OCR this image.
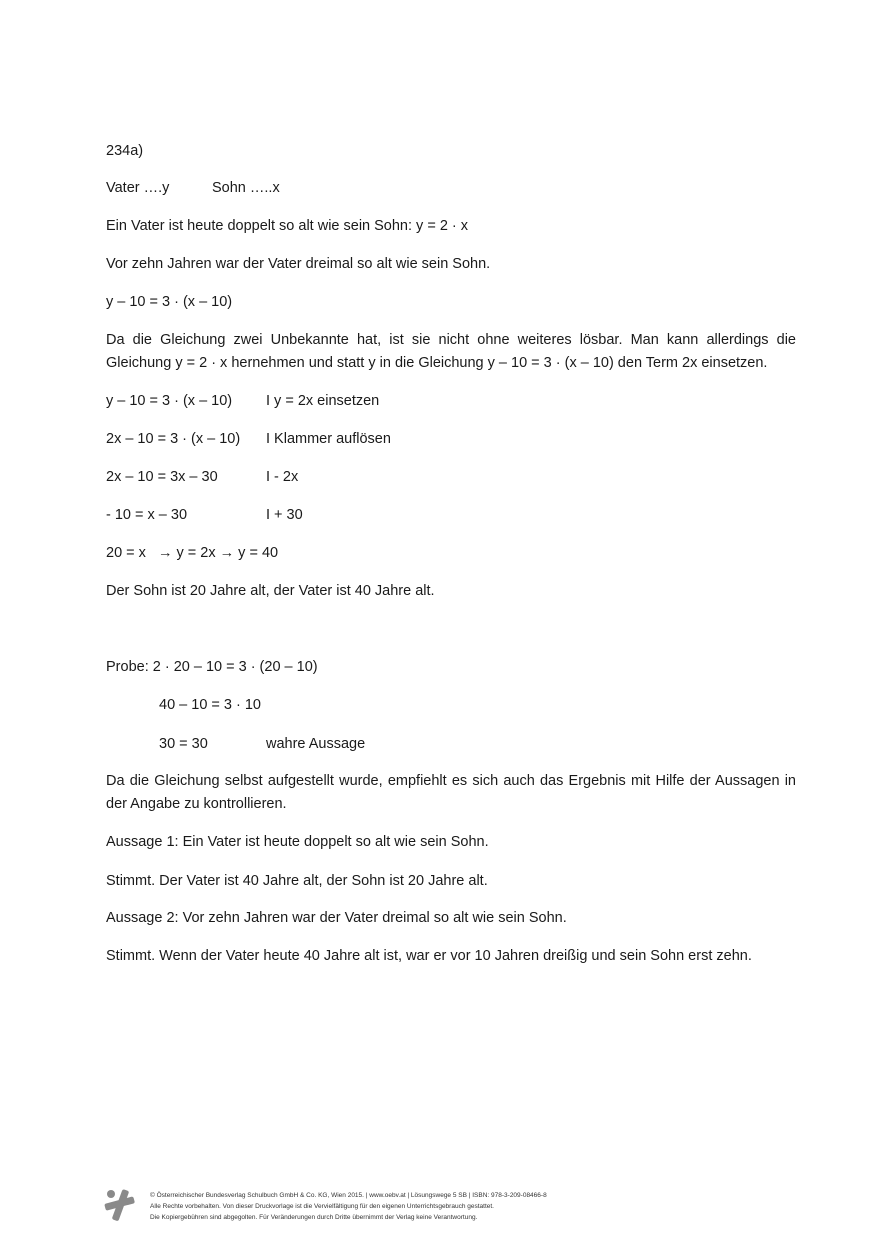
234a)
Vater ….y	Sohn …..x
Ein Vater ist heute doppelt so alt wie sein Sohn: y = 2 · x
Vor zehn Jahren war der Vater dreimal so alt wie sein Sohn.
y – 10 = 3 · (x – 10)
Da die Gleichung zwei Unbekannte hat, ist sie nicht ohne weiteres lösbar. Man kann allerdings die Gleichung y = 2 · x hernehmen und statt y in die Gleichung y – 10 = 3 · (x – 10) den Term 2x einsetzen.
y – 10 = 3 · (x – 10) I y = 2x einsetzen
2x – 10 = 3 · (x – 10) I Klammer auflösen
2x – 10 = 3x – 30	I - 2x
- 10 = x – 30	I + 30
20 = x   → y = 2x → y = 40
Der Sohn ist 20 Jahre alt, der Vater ist 40 Jahre alt.
Probe: 2 · 20 – 10 = 3 · (20 – 10)
40 – 10 = 3 · 10
30 = 30	wahre Aussage
Da die Gleichung selbst aufgestellt wurde, empfiehlt es sich auch das Ergebnis mit Hilfe der Aussagen in der Angabe zu kontrollieren.
Aussage 1: Ein Vater ist heute doppelt so alt wie sein Sohn.
Stimmt. Der Vater ist 40 Jahre alt, der Sohn ist 20 Jahre alt.
Aussage 2: Vor zehn Jahren war der Vater dreimal so alt wie sein Sohn.
Stimmt. Wenn der Vater heute 40 Jahre alt ist, war er vor 10 Jahren dreißig und sein Sohn erst zehn.
© Österreichischer Bundesverlag Schulbuch GmbH & Co. KG, Wien 2015. | www.oebv.at | Lösungswege 5 SB | ISBN: 978-3-209-08466-8
Alle Rechte vorbehalten. Von dieser Druckvorlage ist die Vervielfältigung für den eigenen Unterrichtsgebrauch gestattet.
Die Kopiergebühren sind abgegolten. Für Veränderungen durch Dritte übernimmt der Verlag keine Verantwortung.
